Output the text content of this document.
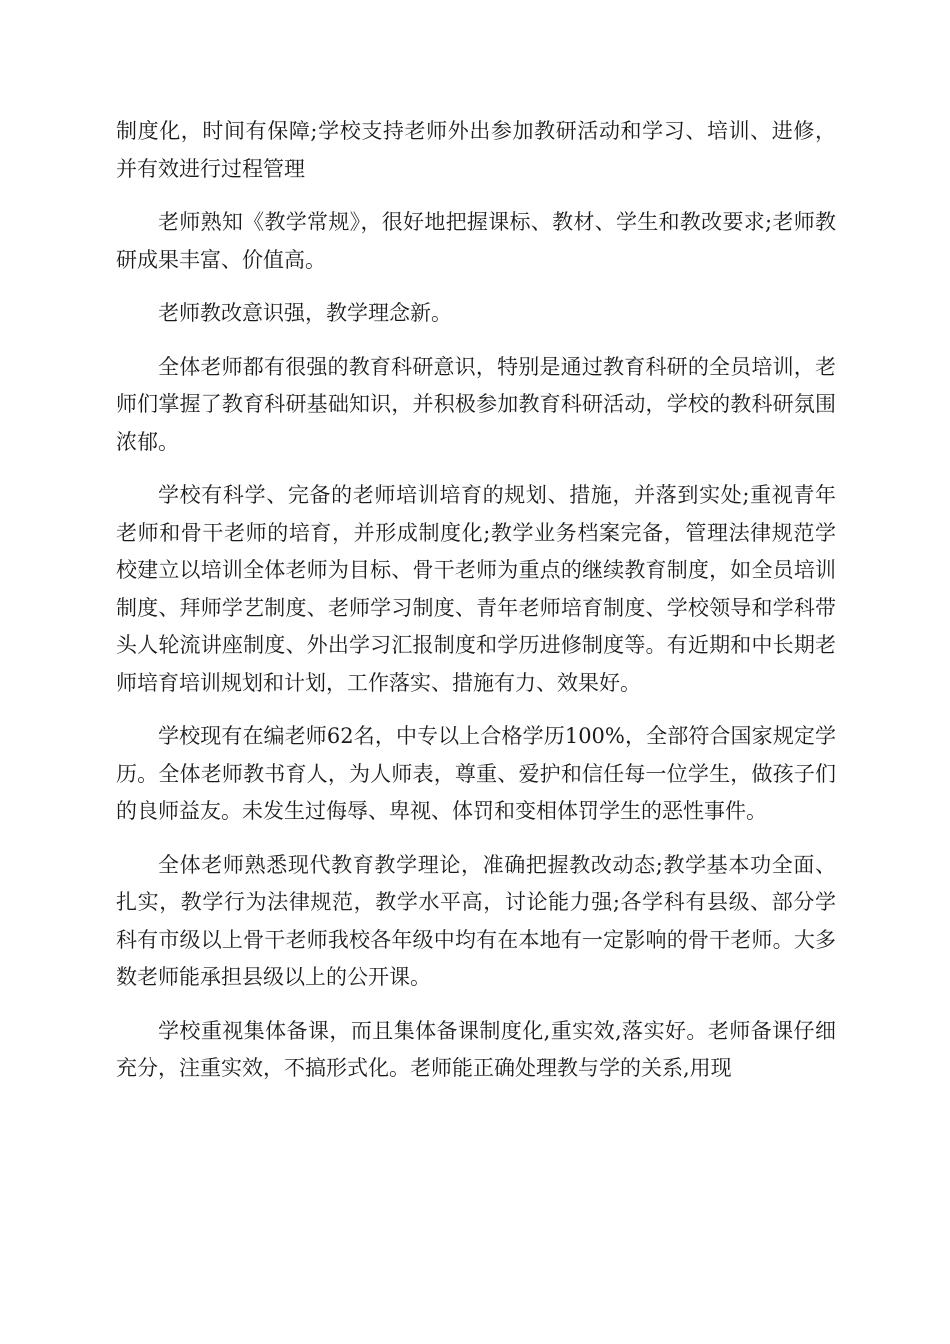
制度化，时间有保障;学校支持老师外出参加教研活动和学习、培训、进修，并有效进行过程管理

老师熟知《教学常规》，很好地把握课标、教材、学生和教改要求;老师教研成果丰富、价值高。

老师教改意识强，教学理念新。

全体老师都有很强的教育科研意识，特别是通过教育科研的全员培训，老师们掌握了教育科研基础知识，并积极参加教育科研活动，学校的教科研氛围浓郁。

学校有科学、完备的老师培训培育的规划、措施，并落到实处;重视青年老师和骨干老师的培育，并形成制度化;教学业务档案完备，管理法律规范学校建立以培训全体老师为目标、骨干老师为重点的继续教育制度，如全员培训制度、拜师学艺制度、老师学习制度、青年老师培育制度、学校领导和学科带头人轮流讲座制度、外出学习汇报制度和学历进修制度等。有近期和中长期老师培育培训规划和计划，工作落实、措施有力、效果好。

学校现有在编老师62名，中专以上合格学历100%，全部符合国家规定学历。全体老师教书育人，为人师表，尊重、爱护和信任每一位学生，做孩子们的良师益友。未发生过侮辱、卑视、体罚和变相体罚学生的恶性事件。

全体老师熟悉现代教育教学理论，准确把握教改动态;教学基本功全面、扎实，教学行为法律规范，教学水平高，讨论能力强;各学科有县级、部分学科有市级以上骨干老师我校各年级中均有在本地有一定影响的骨干老师。大多数老师能承担县级以上的公开课。

学校重视集体备课，而且集体备课制度化,重实效,落实好。老师备课仔细充分，注重实效，不搞形式化。老师能正确处理教与学的关系,用现
